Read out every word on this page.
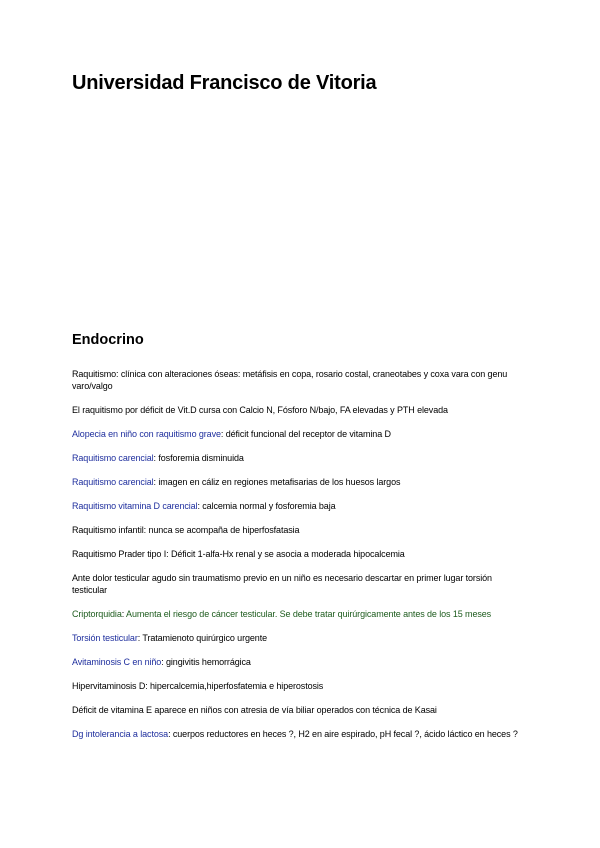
Universidad Francisco de Vitoria
Endocrino
Raquitismo: clínica con alteraciones óseas: metáfisis en copa, rosario costal, craneotabes y coxa vara con genu varo/valgo
El raquitismo por déficit de Vit.D cursa con Calcio N, Fósforo N/bajo, FA elevadas y PTH elevada
Alopecia en niño con raquitismo grave: déficit funcional del receptor de vitamina D
Raquitismo carencial: fosforemia disminuida
Raquitismo carencial: imagen en cáliz en regiones metafisarias de los huesos largos
Raquitismo vitamina D carencial: calcemia normal y fosforemia baja
Raquitismo infantil: nunca se acompaña de hiperfosfatasia
Raquitismo Prader tipo I: Déficit 1-alfa-Hx renal y se asocia a moderada hipocalcemia
Ante dolor testicular agudo sin traumatismo previo en un niño es necesario descartar en primer lugar torsión testicular
Criptorquidia: Aumenta el riesgo de cáncer testicular. Se debe tratar quirúrgicamente antes de los 15 meses
Torsión testicular: Tratamienoto quirúrgico urgente
Avitaminosis C en niño: gingivitis hemorrágica
Hipervitaminosis D: hipercalcemia,hiperfosfatemia e hiperostosis
Déficit de vitamina E aparece en niños con atresia de vía biliar operados con técnica de Kasai
Dg intolerancia a lactosa: cuerpos reductores en heces ?, H2 en aire espirado, pH fecal ?, ácido láctico en heces ?
